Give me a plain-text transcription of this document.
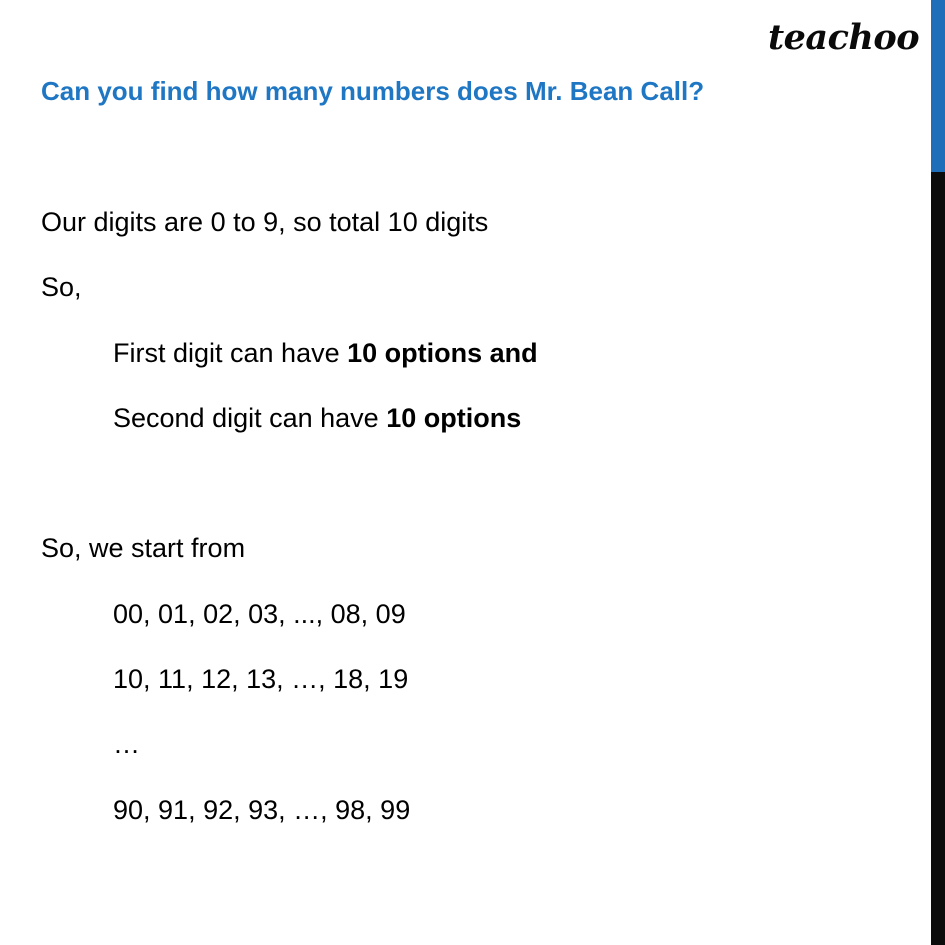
teachoo
Can you find how many numbers does Mr. Bean Call?
Our digits are 0 to 9, so total 10 digits
So,
First digit can have 10 options and
Second digit can have 10 options
So, we start from
00, 01, 02, 03, ..., 08, 09
10, 11, 12, 13, …, 18, 19
…
90, 91, 92, 93, …, 98, 99
